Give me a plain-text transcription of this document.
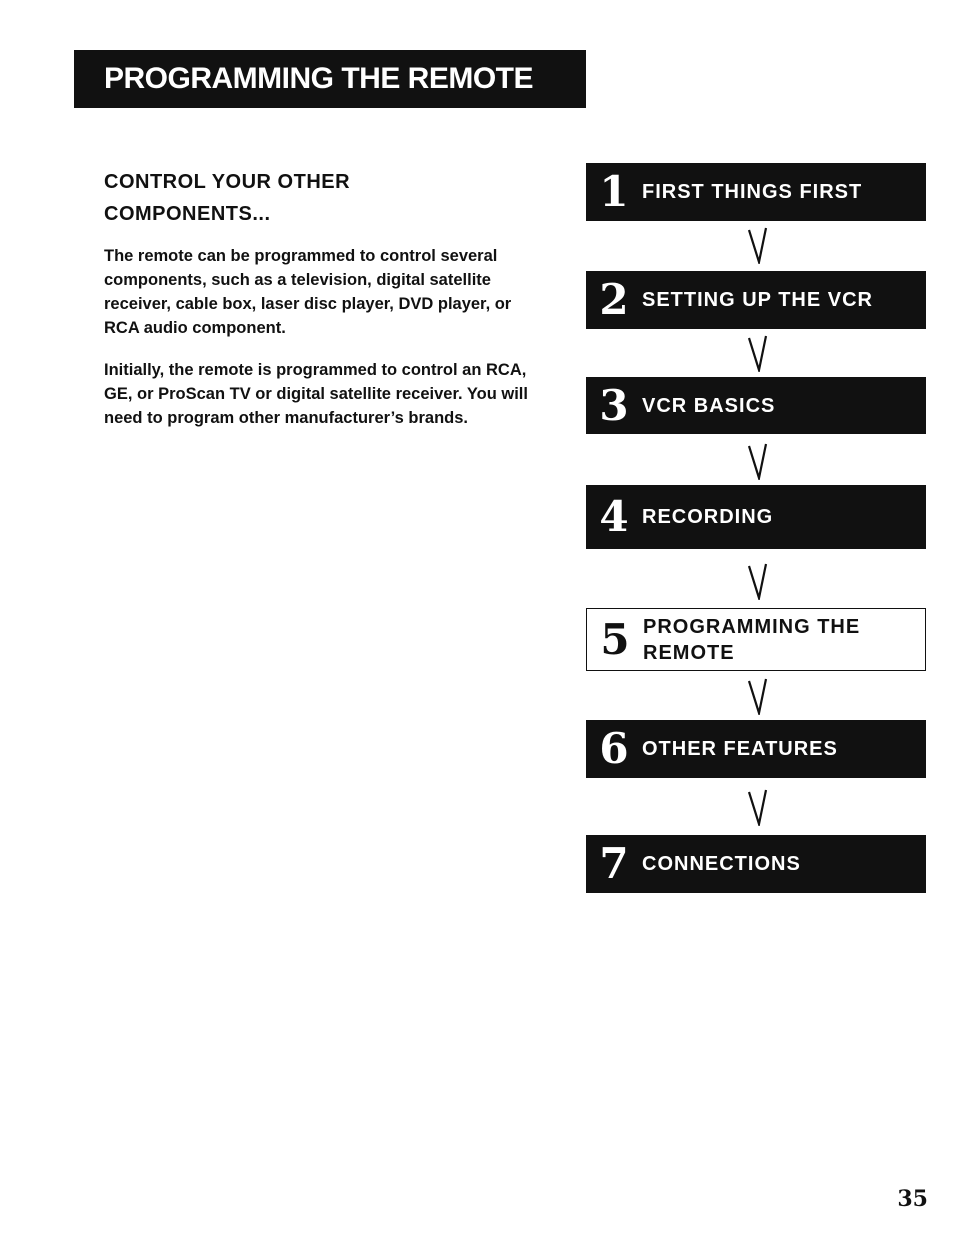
PROGRAMMING THE REMOTE
CONTROL YOUR OTHER
COMPONENTS...

The remote can be programmed to control several components, such as a television, digital satellite receiver, cable box, laser disc player, DVD player, or RCA audio component.

Initially, the remote is programmed to control an RCA, GE, or ProScan TV or digital satellite receiver. You will need to program other manufacturer’s brands.

1 FIRST THINGS FIRST
2 SETTING UP THE VCR
3 VCR BASICS
4 RECORDING
5 PROGRAMMING THE REMOTE
6 OTHER FEATURES
7 CONNECTIONS
35
